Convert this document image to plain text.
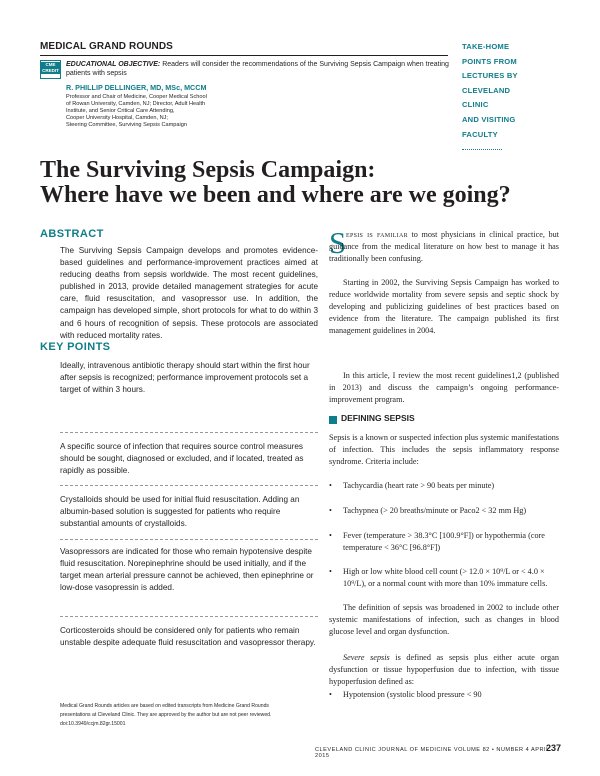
MEDICAL GRAND ROUNDS
CME
CREDIT
EDUCATIONAL OBJECTIVE: Readers will consider the recommendations of the Surviving Sepsis Campaign when treating patients with sepsis
R. PHILLIP DELLINGER, MD, MSc, MCCM
Professor and Chair of Medicine, Cooper Medical School
of Rowan University, Camden, NJ; Director, Adult Health
Institute, and Senior Critical Care Attending,
Cooper University Hospital, Camden, NJ;
Steering Committee, Surviving Sepsis Campaign
TAKE-HOME
POINTS FROM
LECTURES BY
CLEVELAND
CLINIC
AND VISITING
FACULTY
The Surviving Sepsis Campaign:
Where have we been and where are we going?
ABSTRACT
The Surviving Sepsis Campaign develops and promotes evidence-based guidelines and performance-improvement practices aimed at reducing deaths from sepsis worldwide. The most recent guidelines, published in 2013, provide detailed management strategies for acute care, fluid resuscitation, and vasopressor use. In addition, the campaign has developed simple, short protocols for what to do within 3 and 6 hours of recognition of sepsis. These protocols are associated with reduced mortality rates.
KEY POINTS
Ideally, intravenous antibiotic therapy should start within the first hour after sepsis is recognized; performance improvement protocols set a target of within 3 hours.
A specific source of infection that requires source control measures should be sought, diagnosed or excluded, and if located, treated as rapidly as possible.
Crystalloids should be used for initial fluid resuscitation. Adding an albumin-based solution is suggested for patients who require substantial amounts of crystalloids.
Vasopressors are indicated for those who remain hypotensive despite fluid resuscitation. Norepinephrine should be used initially, and if the target mean arterial pressure cannot be achieved, then epinephrine or low-dose vasopressin is added.
Corticosteroids should be considered only for patients who remain unstable despite adequate fluid resuscitation and vasopressor therapy.
Medical Grand Rounds articles are based on edited transcripts from Medicine Grand Rounds
presentations at Cleveland Clinic. They are approved by the author but are not peer reviewed.
doi:10.3949/ccjm.82gr.15001
S epsis is familiar to most physicians in clinical practice, but guidance from the medical literature on how best to manage it has traditionally been confusing.
Starting in 2002, the Surviving Sepsis Campaign has worked to reduce worldwide mortality from severe sepsis and septic shock by developing and publicizing guidelines of best practices based on evidence from the literature. The campaign published its first management guidelines in 2004.
In this article, I review the most recent guidelines1,2 (published in 2013) and discuss the campaign’s ongoing performance-improvement program.
DEFINING SEPSIS
Sepsis is a known or suspected infection plus systemic manifestations of infection. This includes the sepsis inflammatory response syndrome. Criteria include:
• Tachycardia (heart rate > 90 beats per minute)
• Tachypnea (> 20 breaths/minute or Paco2 < 32 mm Hg)
• Fever (temperature > 38.3°C [100.9°F]) or hypothermia (core temperature < 36°C [96.8°F])
• High or low white blood cell count (> 12.0 × 10⁹/L or < 4.0 × 10⁹/L), or a normal count with more than 10% immature cells.
The definition of sepsis was broadened in 2002 to include other systemic manifestations of infection, such as changes in blood glucose level and organ dysfunction.
Severe sepsis is defined as sepsis plus either acute organ dysfunction or tissue hypoperfusion due to infection, with tissue hypoperfusion defined as:
• Hypotension (systolic blood pressure < 90
CLEVELAND CLINIC JOURNAL OF MEDICINE VOLUME 82 • NUMBER 4 APRIL 2015
237
